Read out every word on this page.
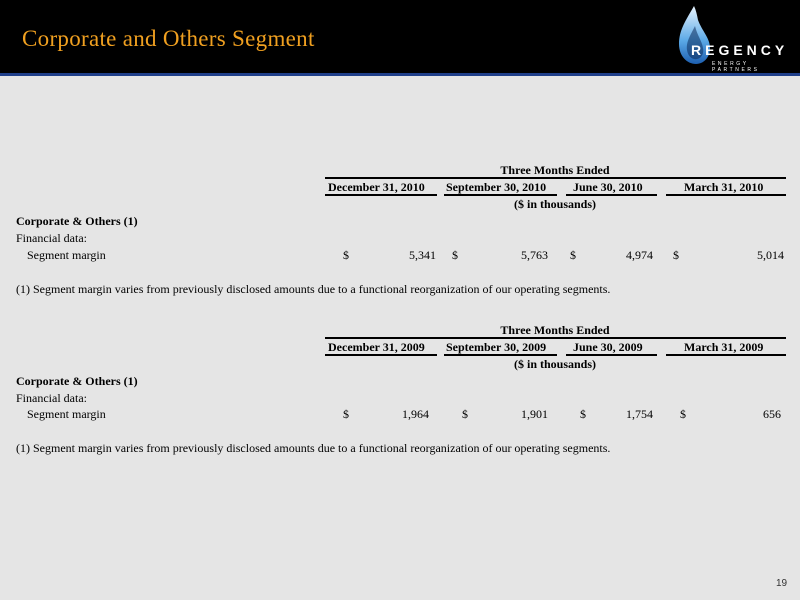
Corporate and Others Segment	REGENCY
ENERGY PARTNERS
Three Months Ended
December 31, 2010 September 30, 2010 June 30, 2010	March 31, 2010
($ in thousands)
Corporate & Others (1)
Financial data:
Segment margin	$	5,341 $	5,763 $	4,974 $	5,014
(1) Segment margin varies from previously disclosed amounts due to a functional reorganization of our operating segments.
Three Months Ended
December 31, 2009 September 30, 2009 June 30, 2009	March 31, 2009
($ in thousands)
Corporate & Others (1)
Financial data:
Segment margin	$	1,964	$	1,901	$	1,754 $	656
(1) Segment margin varies from previously disclosed amounts due to a functional reorganization of our operating segments.
19
